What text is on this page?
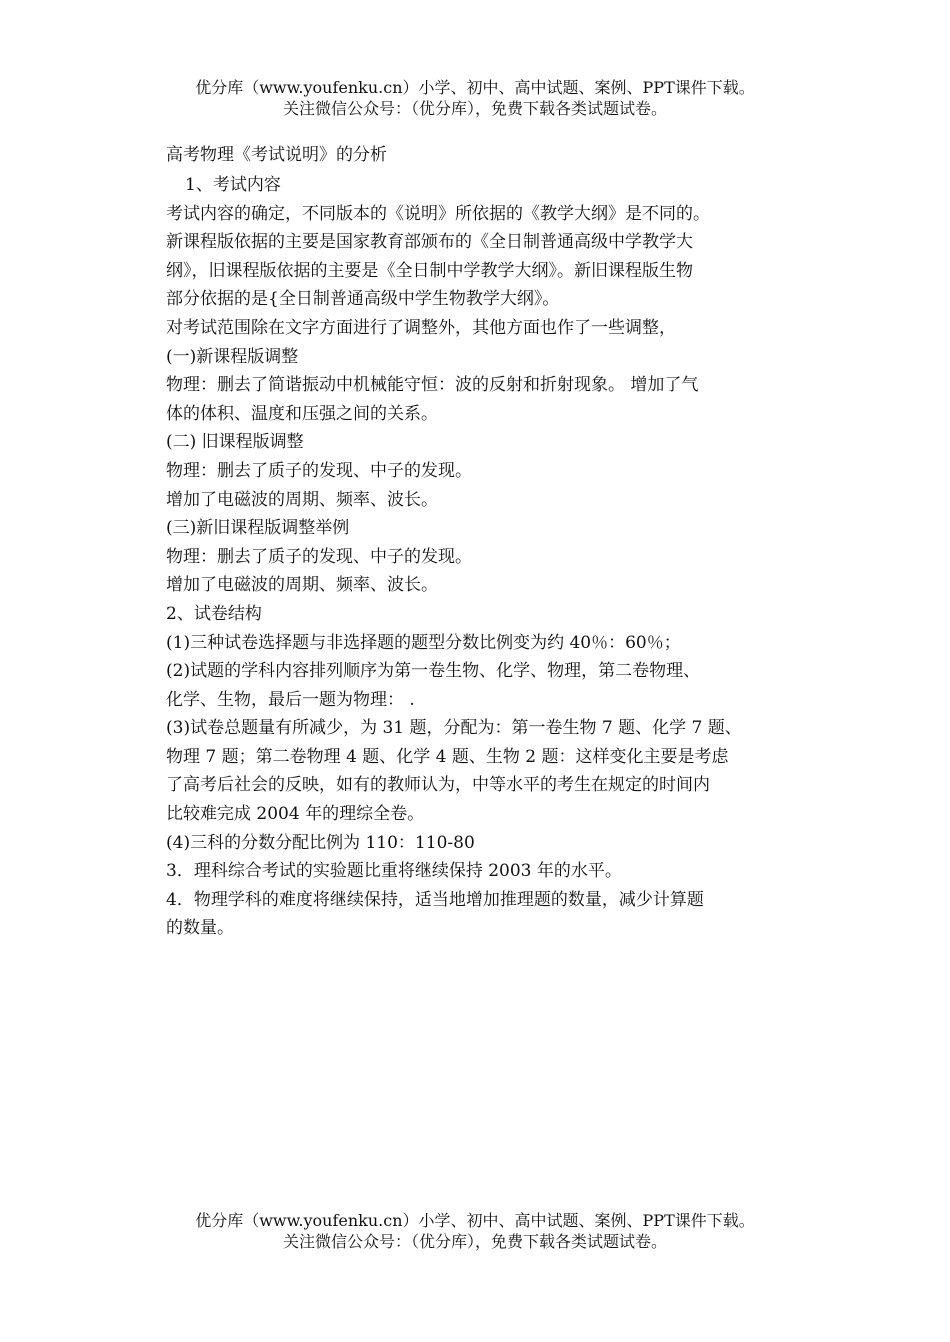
优分库（www.youfenku.cn）小学、初中、高中试题、案例、PPT课件下载。
关注微信公众号：（优分库），免费下载各类试题试卷。

高考物理《考试说明》的分析

1、考试内容

考试内容的确定，不同版本的《说明》所依据的《教学大纲》是不同的。

新课程版依据的主要是国家教育部颁布的《全日制普通高级中学教学大

纲》，旧课程版依据的主要是《全日制中学教学大纲》。新旧课程版生物

部分依据的是{全日制普通高级中学生物教学大纲》。

对考试范围除在文字方面进行了调整外，其他方面也作了一些调整，

(一)新课程版调整

物理：删去了简谐振动中机械能守恒：波的反射和折射现象。 增加了气

体的体积、温度和压强之间的关系。

(二) 旧课程版调整

物理：删去了质子的发现、中子的发现。

增加了电磁波的周期、频率、波长。

(三)新旧课程版调整举例

物理：删去了质子的发现、中子的发现。

增加了电磁波的周期、频率、波长。

2、试卷结构

(1)三种试卷选择题与非选择题的题型分数比例变为约 40％：60％；

(2)试题的学科内容排列顺序为第一卷生物、化学、物理，第二卷物理、

化学、生物，最后一题为物理： .

(3)试卷总题量有所减少，为 31 题，分配为：第一卷生物 7 题、化学 7 题、

物理 7 题；第二卷物理 4 题、化学 4 题、生物 2 题：这样变化主要是考虑

了高考后社会的反映，如有的教师认为，中等水平的考生在规定的时间内

比较难完成 2004 年的理综全卷。

(4)三科的分数分配比例为 110：110-80

3．理科综合考试的实验题比重将继续保持 2003 年的水平。

4．物理学科的难度将继续保持，适当地增加推理题的数量，减少计算题

的数量。

优分库（www.youfenku.cn）小学、初中、高中试题、案例、PPT课件下载。
关注微信公众号：（优分库），免费下载各类试题试卷。
